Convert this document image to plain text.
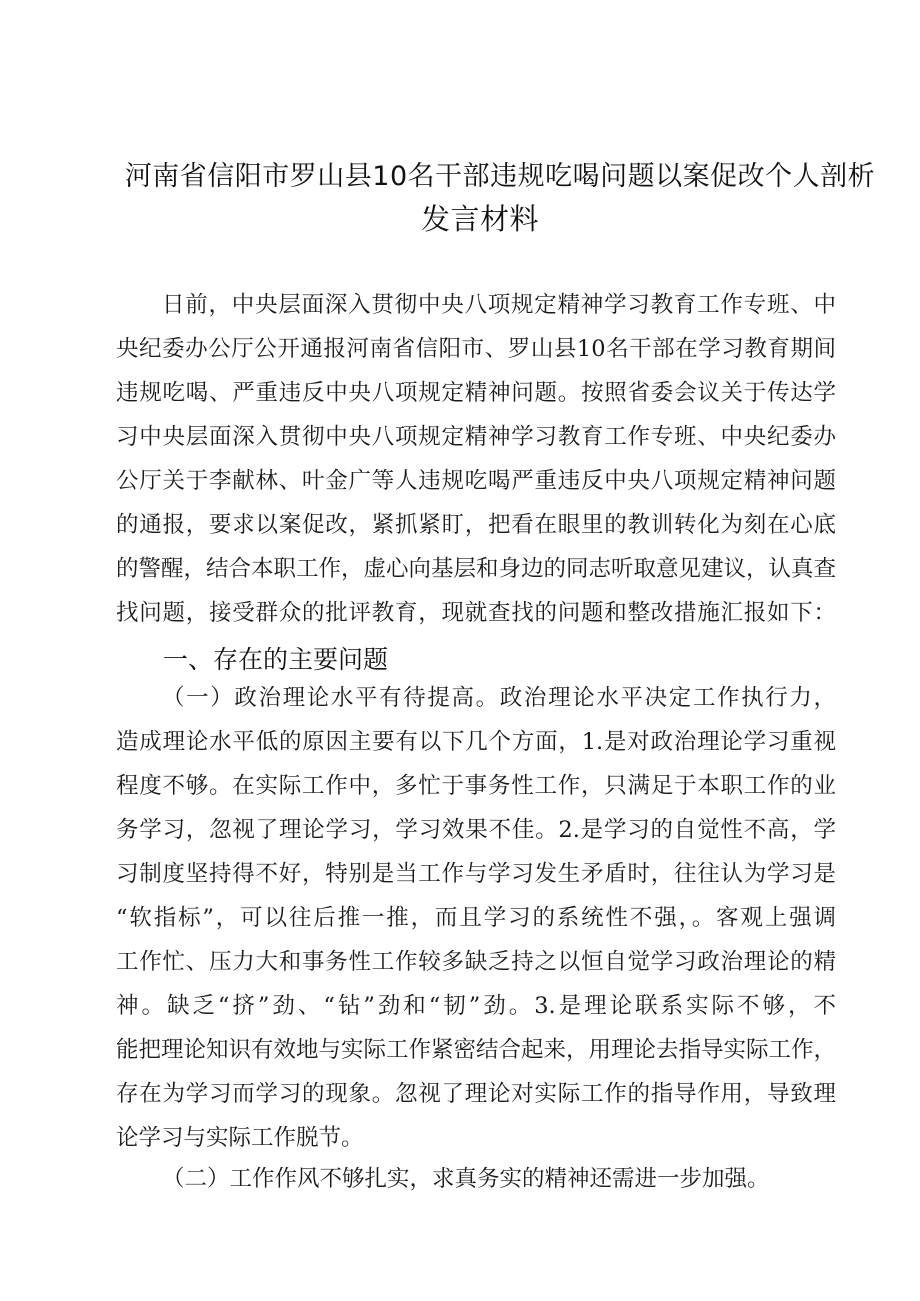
河南省信阳市罗山县10名干部违规吃喝问题以案促改个人剖析
发言材料
日前，中央层面深入贯彻中央八项规定精神学习教育工作专班、中
央纪委办公厅公开通报河南省信阳市、罗山县10名干部在学习教育期间
违规吃喝、严重违反中央八项规定精神问题。按照省委会议关于传达学
习中央层面深入贯彻中央八项规定精神学习教育工作专班、中央纪委办
公厅关于李献林、叶金广等人违规吃喝严重违反中央八项规定精神问题
的通报，要求以案促改，紧抓紧盯，把看在眼里的教训转化为刻在心底
的警醒，结合本职工作，虚心向基层和身边的同志听取意见建议，认真查
找问题，接受群众的批评教育，现就查找的问题和整改措施汇报如下：
一、存在的主要问题
（一）政治理论水平有待提高。政治理论水平决定工作执行力，
造成理论水平低的原因主要有以下几个方面，1.是对政治理论学习重视
程度不够。在实际工作中，多忙于事务性工作，只满足于本职工作的业
务学习，忽视了理论学习，学习效果不佳。2.是学习的自觉性不高，学
习制度坚持得不好，特别是当工作与学习发生矛盾时，往往认为学习是
“软指标”，可以往后推一推，而且学习的系统性不强，。客观上强调
工作忙、压力大和事务性工作较多缺乏持之以恒自觉学习政治理论的精
神。缺乏“挤”劲、“钻”劲和“韧”劲。3.是理论联系实际不够，不
能把理论知识有效地与实际工作紧密结合起来，用理论去指导实际工作，
存在为学习而学习的现象。忽视了理论对实际工作的指导作用，导致理
论学习与实际工作脱节。
（二）工作作风不够扎实，求真务实的精神还需进一步加强。
